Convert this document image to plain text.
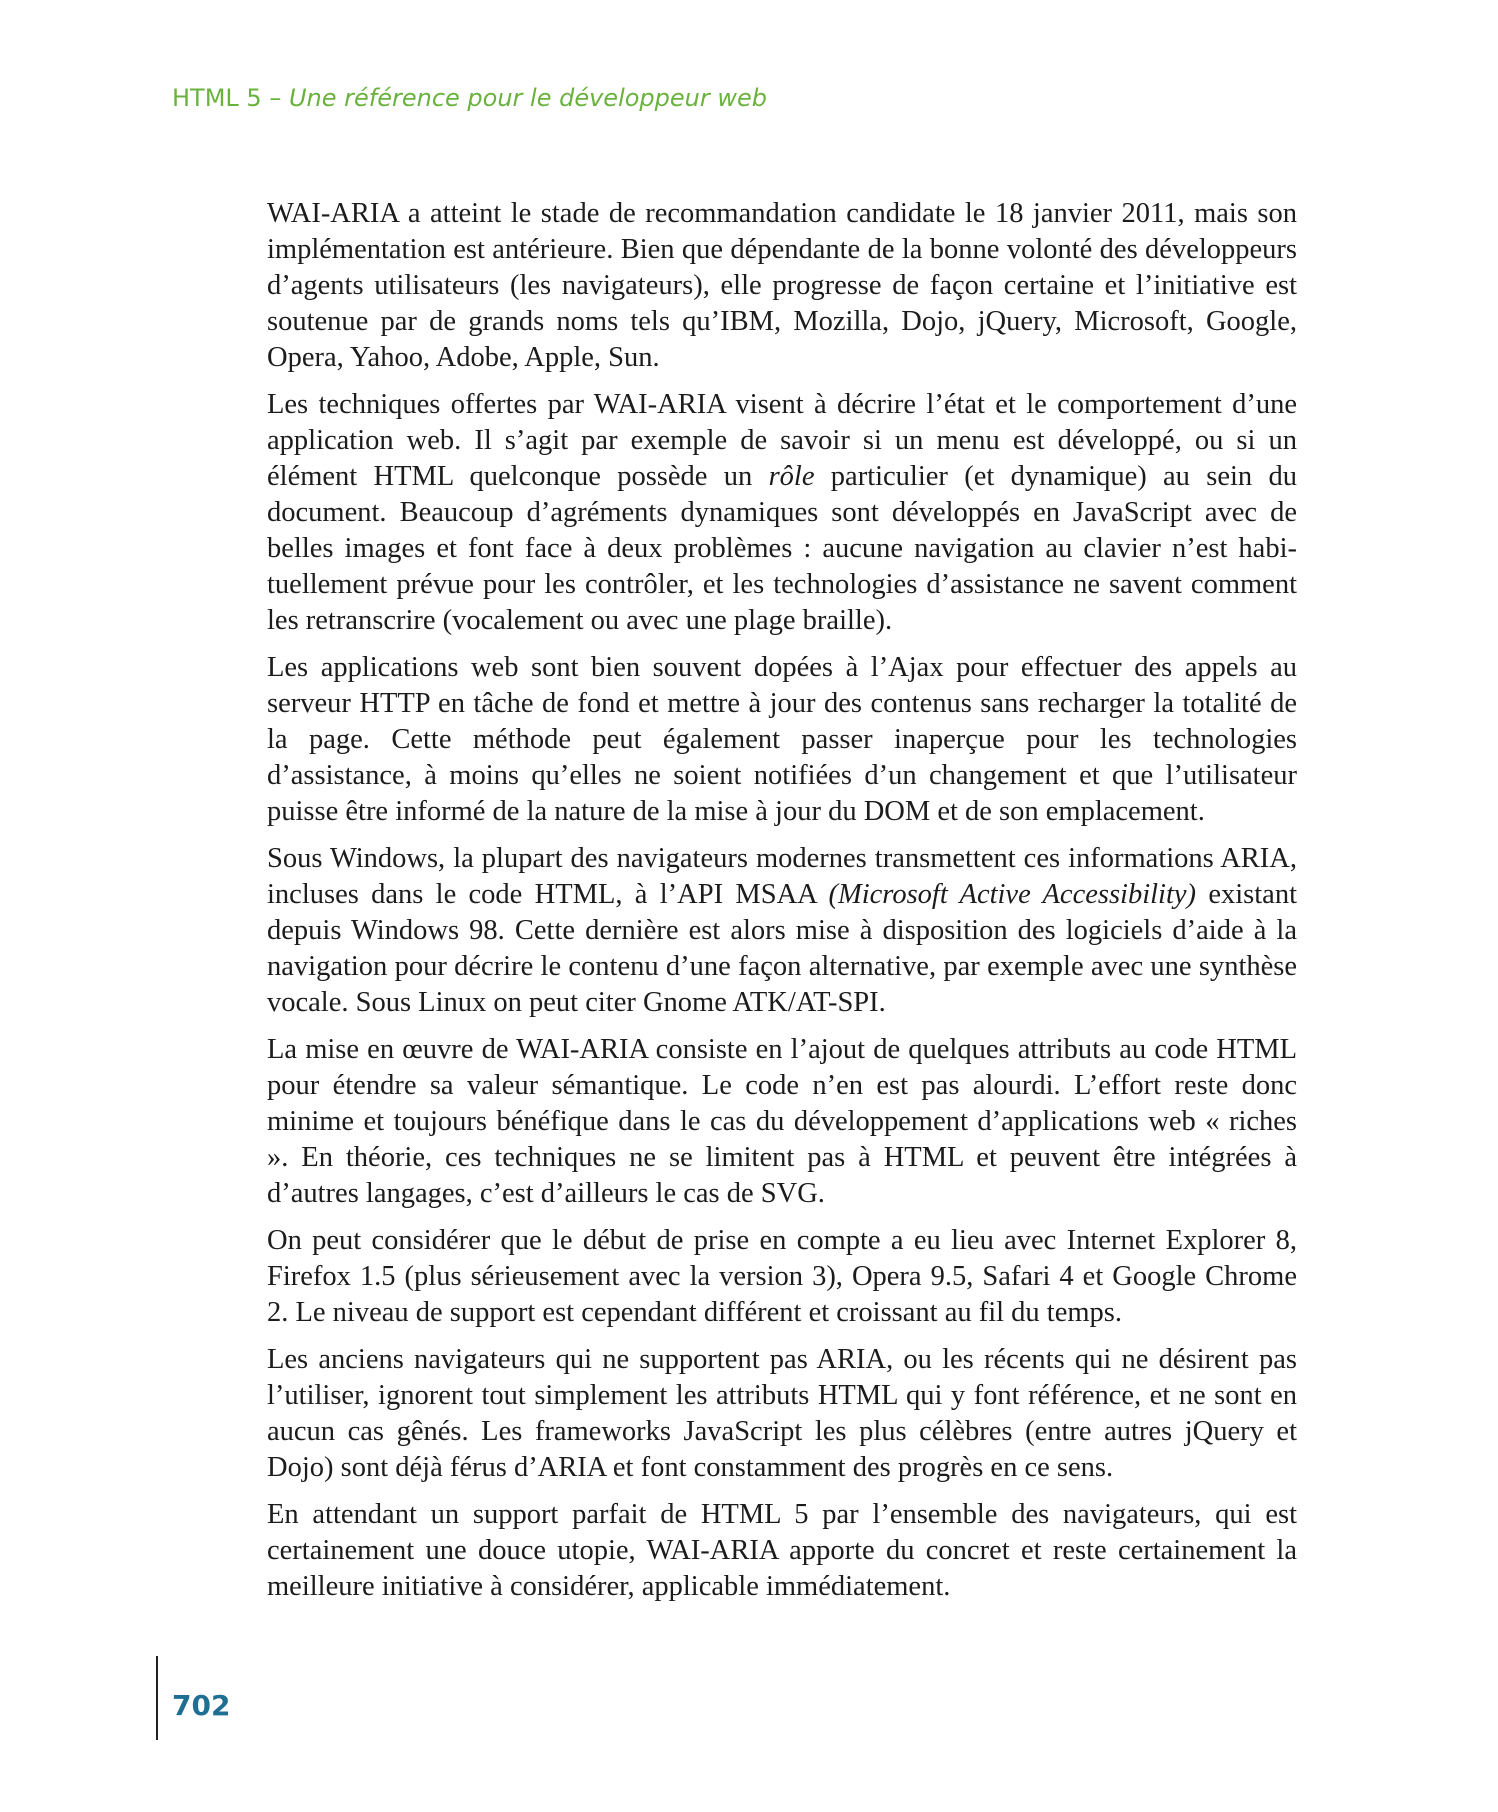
HTML 5 – Une référence pour le développeur web

WAI-ARIA a atteint le stade de recommandation candidate le 18 janvier 2011, mais son implémentation est antérieure. Bien que dépendante de la bonne volonté des développeurs d’agents utilisateurs (les navigateurs), elle progresse de façon certaine et l’initiative est soutenue par de grands noms tels qu’IBM, Mozilla, Dojo, jQuery, Microsoft, Google, Opera, Yahoo, Adobe, Apple, Sun.

Les techniques offertes par WAI-ARIA visent à décrire l’état et le comportement d’une application web. Il s’agit par exemple de savoir si un menu est développé, ou si un élément HTML quelconque possède un rôle particulier (et dynamique) au sein du document. Beaucoup d’agréments dynamiques sont développés en JavaScript avec de belles images et font face à deux problèmes : aucune navigation au clavier n’est habituellement prévue pour les contrôler, et les technologies d’assistance ne savent comment les retranscrire (vocalement ou avec une plage braille).

Les applications web sont bien souvent dopées à l’Ajax pour effectuer des appels au serveur HTTP en tâche de fond et mettre à jour des contenus sans recharger la totalité de la page. Cette méthode peut également passer inaperçue pour les technologies d’assistance, à moins qu’elles ne soient notifiées d’un changement et que l’utilisateur puisse être informé de la nature de la mise à jour du DOM et de son emplacement.

Sous Windows, la plupart des navigateurs modernes transmettent ces informations ARIA, incluses dans le code HTML, à l’API MSAA (Microsoft Active Accessibility) existant depuis Windows 98. Cette dernière est alors mise à disposition des logiciels d’aide à la navigation pour décrire le contenu d’une façon alternative, par exemple avec une synthèse vocale. Sous Linux on peut citer Gnome ATK/AT-SPI.

La mise en œuvre de WAI-ARIA consiste en l’ajout de quelques attributs au code HTML pour étendre sa valeur sémantique. Le code n’en est pas alourdi. L’effort reste donc minime et toujours bénéfique dans le cas du développement d’applications web « riches ». En théorie, ces techniques ne se limitent pas à HTML et peuvent être intégrées à d’autres langages, c’est d’ailleurs le cas de SVG.

On peut considérer que le début de prise en compte a eu lieu avec Internet Explorer 8, Firefox 1.5 (plus sérieusement avec la version 3), Opera 9.5, Safari 4 et Google Chrome 2. Le niveau de support est cependant différent et croissant au fil du temps.

Les anciens navigateurs qui ne supportent pas ARIA, ou les récents qui ne désirent pas l’utiliser, ignorent tout simplement les attributs HTML qui y font référence, et ne sont en aucun cas gênés. Les frameworks JavaScript les plus célèbres (entre autres jQuery et Dojo) sont déjà férus d’ARIA et font constamment des progrès en ce sens.

En attendant un support parfait de HTML 5 par l’ensemble des navigateurs, qui est certainement une douce utopie, WAI-ARIA apporte du concret et reste certainement la meilleure initiative à considérer, applicable immédiatement.

702
